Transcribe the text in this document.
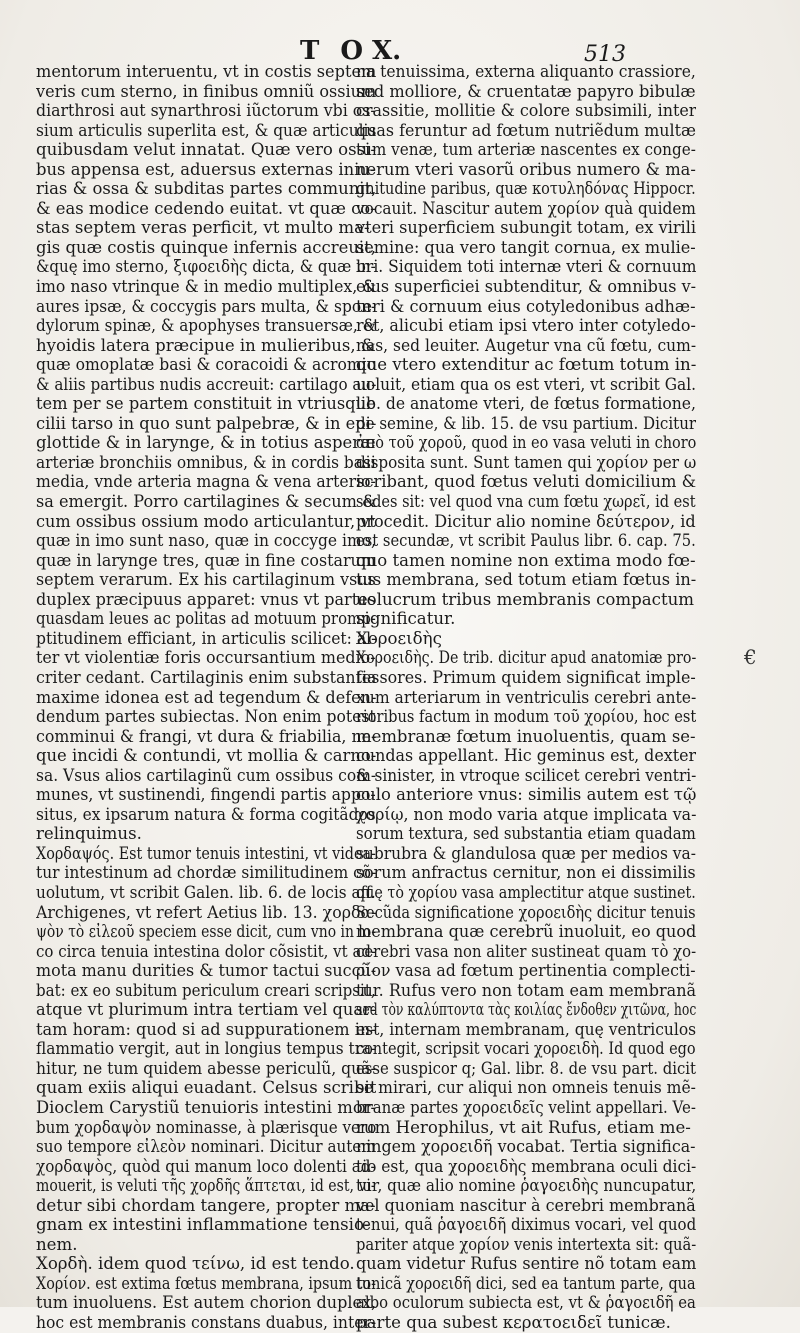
T O X.	513
mentorum interuentu, vt in costis septem
veris cum sterno, in finibus omniũ ossium
diarthrosi aut synarthrosi iũctorum vbi os-
sium articulis superlita est, & quæ articulis
quibusdam velut innatat. Quæ vero ossi-
bus appensa est, aduersus externas iniu-
rias & ossa & subditas partes communit,
& eas modice cedendo euitat. vt quæ co-
stas septem veras perficit, vt multo ma-
gis quæ costis quinque infernis accreuit,
&quę imo sterno, ξιφοειδὴς dicta, & quæ in-
imo naso vtrinque & in medio multiplex, &
aures ipsæ, & coccygis pars multa, & spon-
dylorum spinæ, & apophyses transuersæ, &
hyoidis latera præcipue in mulieribus, &
quæ omoplatæ basi & coracoidi & acromio
& aliis partibus nudis accreuit: cartilago au-
tem per se partem constituit in vtriusque
cilii tarso in quo sunt palpebræ, & in epi-
glottide & in larynge, & in totius asperæ
arteriæ bronchiis omnibus, & in cordis basi
media, vnde arteria magna & vena arterio-
sa emergit. Porro cartilagines & secum &
cum ossibus ossium modo articulantur, vt
quæ in imo sunt naso, quæ in coccyge imo,
quæ in larynge tres, quæ in fine costarum
septem verarum. Ex his cartilaginum vsus
duplex præcipuus apparet: vnus vt partes
quasdam leues ac politas ad motuum promp-
ptitudinem efficiant, in articulis scilicet: al-
ter vt violentiæ foris occursantium medio-
criter cedant. Cartilaginis enim substantia
maxime idonea est ad tegendum & defen-
dendum partes subiectas. Non enim potest
comminui & frangi, vt dura & friabilia, ne-
que incidi & contundi, vt mollia & carno-
sa. Vsus alios cartilaginũ cum ossibus com-
munes, vt sustinendi, fingendi partis appo-
situs, ex ipsarum natura & forma cogitãdos
relinquimus.
Χορδαψός. Est tumor tenuis intestini, vt videa-
tur intestinum ad chordæ similitudinem cõ-
uolutum, vt scribit Galen. lib. 6. de locis aff.
Archigenes, vt refert Aetius lib. 13. χορδα-
ψὸν τὸ εἰλεοῦ speciem esse dicit, cum vno in lo-
co circa tenuia intestina dolor cõsistit, vt ad-
mota manu durities & tumor tactui succũ-
bat: ex eo subitum periculum creari scripsit,
atque vt plurimum intra tertiam vel quar-
tam horam: quod si ad suppurationem in-
flammatio vergit, aut in longius tempus tra-
hitur, ne tum quidem abesse periculũ, quã-
quam exiis aliqui euadant. Celsus scribit
Dioclem Carystiũ tenuioris intestini mor-
bum χορδαψὸν nominasse, à plærisque vero
suo tempore εἰλεὸν nominari. Dicitur autem
χορδαψὸς, quòd qui manum loco dolenti ad-
mouerit, is veluti τῆς χορδῆς ἅπτεται, id est, vi-
detur sibi chordam tangere, propter ma-
gnam ex intestini inflammatione tensio-
nem.
Χορδὴ. idem quod τείνω, id est tendo.
Χορίον. est extima fœtus membrana, ipsum to-
tum inuoluens. Est autem chorion duplex,
hoc est membranis constans duabus, inter-
na tenuissima, externa aliquanto crassiore,
sed molliore, & cruentatæ papyro bibulæ
crassitie, mollitie & colore subsimili, inter
quas feruntur ad fœtum nutriẽdum multæ
tum venæ, tum arteriæ nascentes ex conge-
nerum vteri vasorũ oribus numero & ma-
gnitudine paribus, quæ κοτυληδόνας Hippocr.
vocauit. Nascitur autem χορίον quà quidem
vteri superficiem subungit totam, ex virili
semine: qua vero tangit cornua, ex mulie-
bri. Siquidem toti internæ vteri & cornuum
eius superficiei subtenditur, & omnibus v-
teri & cornuum eius cotyledonibus adhæ-
ret, alicubi etiam ipsi vtero inter cotyledo-
nas, sed leuiter. Augetur vna cũ fœtu, cum-
que vtero extenditur ac fœtum totum in-
uoluit, etiam qua os est vteri, vt scribit Gal.
lib. de anatome vteri, de fœtus formatione,
de semine, & lib. 15. de vsu partium. Dicitur
ἀπὸ τοῦ χοροῦ, quod in eo vasa veluti in choro
disposita sunt. Sunt tamen qui χορίον per ω
scribant, quod fœtus veluti domicilium &
sedes sit: vel quod vna cum fœtu χωρεῖ, id est
procedit. Dicitur alio nomine δεύτερον, id
est secundæ, vt scribit Paulus libr. 6. cap. 75.
quo tamen nomine non extima modo fœ-
tus membrana, sed totum etiam fœtus in-
uolucrum tribus membranis compactum
significatur.
Χοροειδὴς
Χοροειδὴς. De trib. dicitur apud anatomiæ pro-
fessores. Primum quidem significat imple-
xum arteriarum in ventriculis cerebri ante-
rioribus factum in modum τοῦ χορίου, hoc est
membranæ fœtum inuoluentis, quam se-
cundas appellant. Hic geminus est, dexter
& sinister, in vtroque scilicet cerebri ventri-
culo anteriore vnus: similis autem est τῷ
χορίῳ, non modo varia atque implicata va-
sorum textura, sed substantia etiam quadam
subrubra & glandulosa quæ per medios va-
sorum anfractus cernitur, non ei dissimilis
quę τὸ χορίου vasa amplectitur atque sustinet.
Secũda significatione χοροειδὴς dicitur tenuis
membrana quæ cerebrũ inuoluit, eo quod
cerebri vasa non aliter sustineat quam τὸ χο-
ρίον vasa ad fœtum pertinentia complecti-
tur. Rufus vero non totam eam membranã
sed τὸν καλύπτοντα τὰς κοιλίας ἔνδοθεν χιτῶνα, hoc
est, internam membranam, quę ventriculos
contegit, scripsit vocari χοροειδὴ. Id quod ego
esse suspicor q; Gal. libr. 8. de vsu part. dicit
se mirari, cur aliqui non omneis tenuis mẽ-
branæ partes χοροειδεῖς velint appellari. Ve-
rum Herophilus, vt ait Rufus, etiam me-
ningem χοροειδῆ vocabat. Tertia significa-
tio est, qua χοροειδὴς membrana oculi dici-
tur, quæ alio nomine ῥαγοειδὴς nuncupatur,
vel quoniam nascitur à cerebri membranã
tenui, quã ῥαγοειδῆ diximus vocari, vel quod
pariter atque χορίον venis intertexta sit: quã-
quam videtur Rufus sentire nõ totam eam
tunicã χοροειδῆ dici, sed ea tantum parte, qua
albo oculorum subiecta est, vt & ῥαγοειδῆ ea
parte qua subest κερατοειδεῖ tunicæ.
€
